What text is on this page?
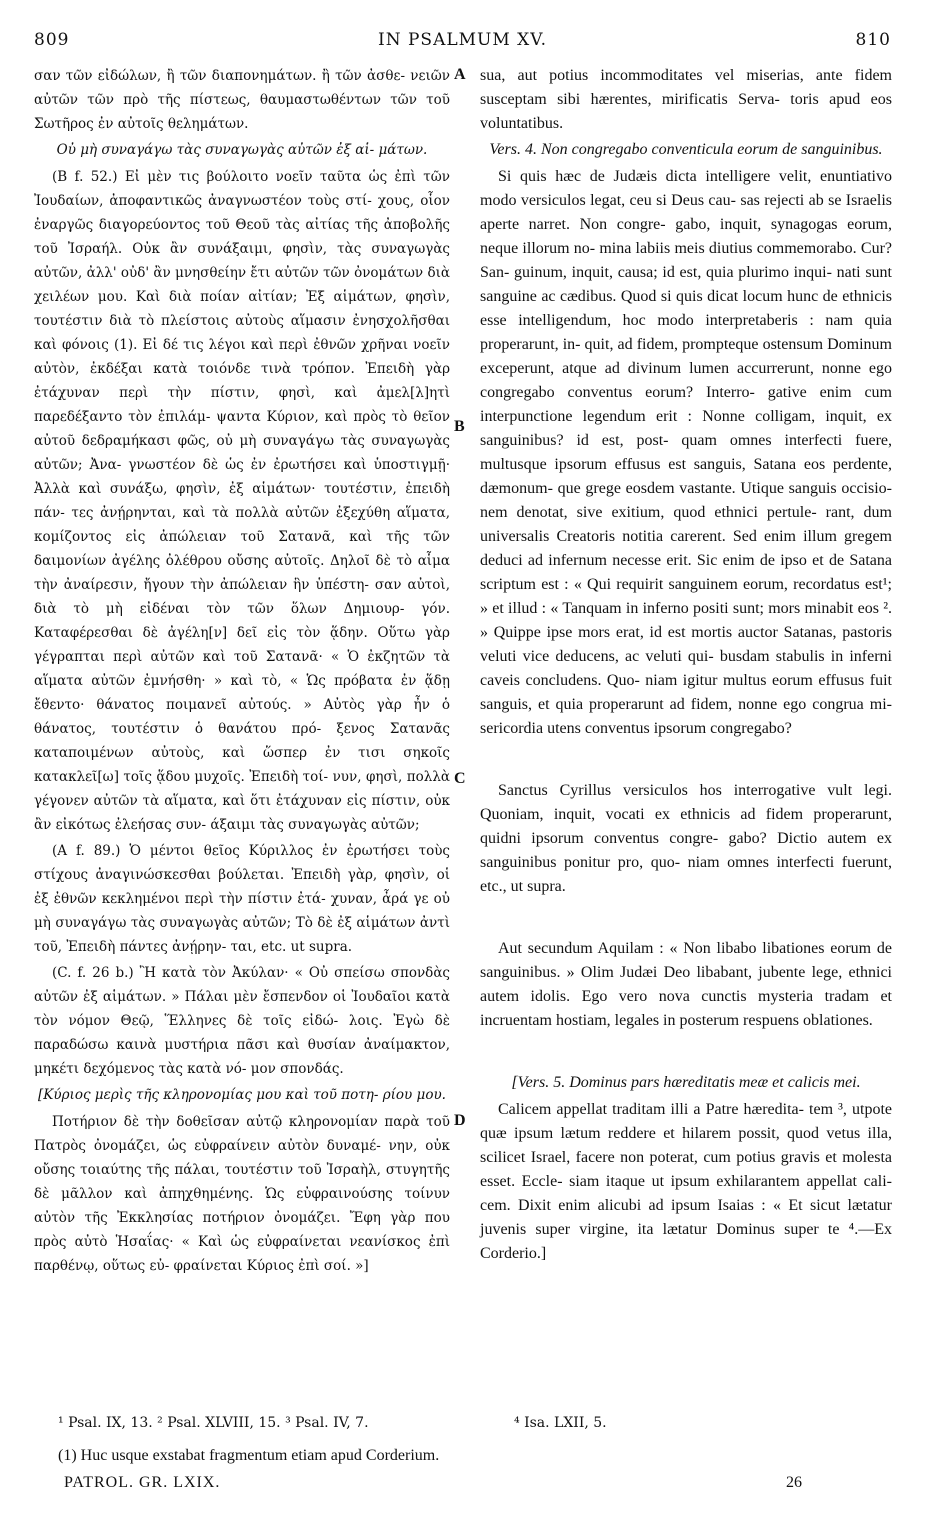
809	IN PSALMUM XV.	810

σαν τῶν εἰδώλων, ἢ τῶν διαπονημάτων. ἢ τῶν ἀσθε- νειῶν αὐτῶν τῶν πρὸ τῆς πίστεως, θαυμαστωθέντων τῶν τοῦ Σωτῆρος ἐν αὐτοῖς θελημάτων.

Οὐ μὴ συναγάγω τὰς συναγωγὰς αὐτῶν ἐξ αἱ- μάτων.

(B f. 52.) Εἰ μὲν τις βούλοιτο νοεῖν ταῦτα ὡς ἐπὶ τῶν Ἰουδαίων, ἀποφαντικῶς ἀναγνωστέον τοὺς στί- χους, οἷον ἐναργῶς διαγορεύοντος τοῦ Θεοῦ τὰς αἰτίας τῆς ἀποβολῆς τοῦ Ἰσραήλ. Οὐκ ἂν συνάξαιμι, φησὶν, τὰς συναγωγὰς αὐτῶν, ἀλλ' οὐδ' ἂν μνησθείην ἔτι αὐτῶν τῶν ὀνομάτων διὰ χειλέων μου. Καὶ διὰ ποίαν αἰτίαν; Ἐξ αἱμάτων, φησὶν, τουτέστιν διὰ τὸ πλείστοις αὐτοὺς αἵμασιν ἐνησχολῆσθαι καὶ φόνοις (1). Εἰ δέ τις λέγοι καὶ περὶ ἐθνῶν χρῆναι νοεῖν αὐτὸν, ἐκδέξαι κατὰ τοιόνδε τινὰ τρόπον. Ἐπειδὴ γὰρ ἐτάχυναν περὶ τὴν πίστιν, φησὶ, καὶ ἀμελ[λ]ητὶ παρεδέξαντο τὸν ἐπιλάμ- ψαντα Κύριον, καὶ πρὸς τὸ θεῖον αὐτοῦ δεδραμήκασι φῶς, οὐ μὴ συναγάγω τὰς συναγωγὰς αὐτῶν; Ἀνα- γνωστέον δὲ ὡς ἐν ἐρωτήσει καὶ ὑποστιγμῇ· Ἀλλὰ καὶ συνάξω, φησὶν, ἐξ αἱμάτων· τουτέστιν, ἐπειδὴ πάν- τες ἀνῄρηνται, καὶ τὰ πολλὰ αὐτῶν ἐξεχύθη αἵματα, κομίζοντος εἰς ἀπώλειαν τοῦ Σατανᾶ, καὶ τῆς τῶν δαιμονίων ἀγέλης ὀλέθρου οὔσης αὐτοῖς. Δηλοῖ δὲ τὸ αἷμα τὴν ἀναίρεσιν, ἤγουν τὴν ἀπώλειαν ἣν ὑπέστη- σαν αὐτοὶ, διὰ τὸ μὴ εἰδέναι τὸν τῶν ὅλων Δημιουρ- γόν. Καταφέρεσθαι δὲ ἀγέλη[ν] δεῖ εἰς τὸν ᾅδην. Οὕτω γὰρ γέγραπται περὶ αὐτῶν καὶ τοῦ Σατανᾶ· « Ὁ ἐκζητῶν τὰ αἵματα αὐτῶν ἐμνήσθη· » καὶ τὸ, « Ὡς πρόβατα ἐν ᾅδῃ ἔθεντο· θάνατος ποιμανεῖ αὐτούς. » Αὐτὸς γὰρ ἦν ὁ θάνατος, τουτέστιν ὁ θανάτου πρό- ξενος Σατανᾶς καταποιμένων αὐτοὺς, καὶ ὥσπερ ἐν τισι σηκοῖς κατακλεῖ[ω] τοῖς ᾅδου μυχοῖς. Ἐπειδὴ τοί- νυν, φησὶ, πολλὰ γέγονεν αὐτῶν τὰ αἵματα, καὶ ὅτι ἐτάχυναν εἰς πίστιν, οὐκ ἂν εἰκότως ἐλεήσας συν- άξαιμι τὰς συναγωγὰς αὐτῶν;

(A f. 89.) Ὁ μέντοι θεῖος Κύριλλος ἐν ἐρωτήσει τοὺς στίχους ἀναγινώσκεσθαι βούλεται. Ἐπειδὴ γὰρ, φησὶν, οἱ ἐξ ἐθνῶν κεκλημένοι περὶ τὴν πίστιν ἐτά- χυναν, ἆρά γε οὐ μὴ συναγάγω τὰς συναγωγὰς αὐτῶν; Τὸ δὲ ἐξ αἱμάτων ἀντὶ τοῦ, Ἐπειδὴ πάντες ἀνῄρην- ται, etc. ut supra.

(C. f. 26 b.) Ἢ κατὰ τὸν Ἀκύλαν· « Οὐ σπείσω σπονδὰς αὐτῶν ἐξ αἱμάτων. » Πάλαι μὲν ἔσπενδον οἱ Ἰουδαῖοι κατὰ τὸν νόμον Θεῷ, Ἕλληνες δὲ τοῖς εἰδώ- λοις. Ἐγὼ δὲ παραδώσω καινὰ μυστήρια πᾶσι καὶ θυσίαν ἀναίμακτον, μηκέτι δεχόμενος τὰς κατὰ νό- μον σπονδάς.

[Κύριος μερὶς τῆς κληρονομίας μου καὶ τοῦ ποτη- ρίου μου.

Ποτήριον δὲ τὴν δοθεῖσαν αὐτῷ κληρονομίαν παρὰ τοῦ Πατρὸς ὀνομάζει, ὡς εὐφραίνειν αὐτὸν δυναμέ- νην, οὐκ οὔσης τοιαύτης τῆς πάλαι, τουτέστιν τοῦ Ἰσραὴλ, στυγητῆς δὲ μᾶλλον καὶ ἀπηχθημένης. Ὡς εὐφραινούσης τοίνυν αὐτὸν τῆς Ἐκκλησίας ποτήριον ὀνομάζει. Ἔφη γὰρ που πρὸς αὐτὸ Ἡσαΐας· « Καὶ ὡς εὐφραίνεται νεανίσκος ἐπὶ παρθένῳ, οὕτως εὐ- φραίνεται Κύριος ἐπὶ σοί. »]

A
B
C
D

sua, aut potius incommoditates vel miserias, ante fidem susceptam sibi hærentes, mirificatis Serva- toris apud eos voluntatibus.

Vers. 4. Non congregabo conventicula eorum de sanguinibus.

Si quis hæc de Judæis dicta intelligere velit, enuntiativo modo versiculos legat, ceu si Deus cau- sas rejecti ab se Israelis aperte narret. Non congre- gabo, inquit, synagogas eorum, neque illorum no- mina labiis meis diutius commemorabo. Cur? San- guinum, inquit, causa; id est, quia plurimo inqui- nati sunt sanguine ac cædibus. Quod si quis dicat locum hunc de ethnicis esse intelligendum, hoc modo interpretaberis : nam quia properarunt, in- quit, ad fidem, prompteque ostensum Dominum exceperunt, atque ad divinum lumen accurrerunt, nonne ego congregabo conventus eorum? Interro- gative enim cum interpunctione legendum erit : Nonne colligam, inquit, ex sanguinibus? id est, post- quam omnes interfecti fuere, multusque ipsorum effusus est sanguis, Satana eos perdente, dæmonum- que grege eosdem vastante. Utique sanguis occisio- nem denotat, sive exitium, quod ethnici pertule- rant, dum universalis Creatoris notitia carerent. Sed enim illum gregem deduci ad infernum necesse erit. Sic enim de ipso et de Satana scriptum est : « Qui requirit sanguinem eorum, recordatus est¹; » et illud : « Tanquam in inferno positi sunt; mors minabit eos ². » Quippe ipse mors erat, id est mortis auctor Satanas, pastoris veluti vice deducens, ac veluti qui- busdam stabulis in inferni caveis concludens. Quo- niam igitur multus eorum effusus fuit sanguis, et quia properarunt ad fidem, nonne ego congrua mi- sericordia utens conventus ipsorum congregabo?

Sanctus Cyrillus versiculos hos interrogative vult legi. Quoniam, inquit, vocati ex ethnicis ad fidem properarunt, quidni ipsorum conventus congre- gabo? Dictio autem ex sanguinibus ponitur pro, quo- niam omnes interfecti fuerunt, etc., ut supra.

Aut secundum Aquilam : « Non libabo libationes eorum de sanguinibus. » Olim Judæi Deo libabant, jubente lege, ethnici autem idolis. Ego vero nova cunctis mysteria tradam et incruentam hostiam, legales in posterum respuens oblationes.

[Vers. 5. Dominus pars hæreditatis meæ et calicis mei.

Calicem appellat traditam illi a Patre hæredita- tem ³, utpote quæ ipsum lætum reddere et hilarem possit, quod vetus illa, scilicet Israel, facere non poterat, cum potius gravis et molesta esset. Eccle- siam itaque ut ipsum exhilarantem appellat cali- cem. Dixit enim alicubi ad ipsum Isaias : « Et sicut lætatur juvenis super virgine, ita lætatur Dominus super te ⁴.—Ex Corderio.]

¹ Psal. IX, 13. ² Psal. XLVIII, 15. ³ Psal. IV, 7.	⁴ Isa. LXII, 5.
(1) Huc usque exstabat fragmentum etiam apud Corderium.
PATROL. GR. LXIX.	26
